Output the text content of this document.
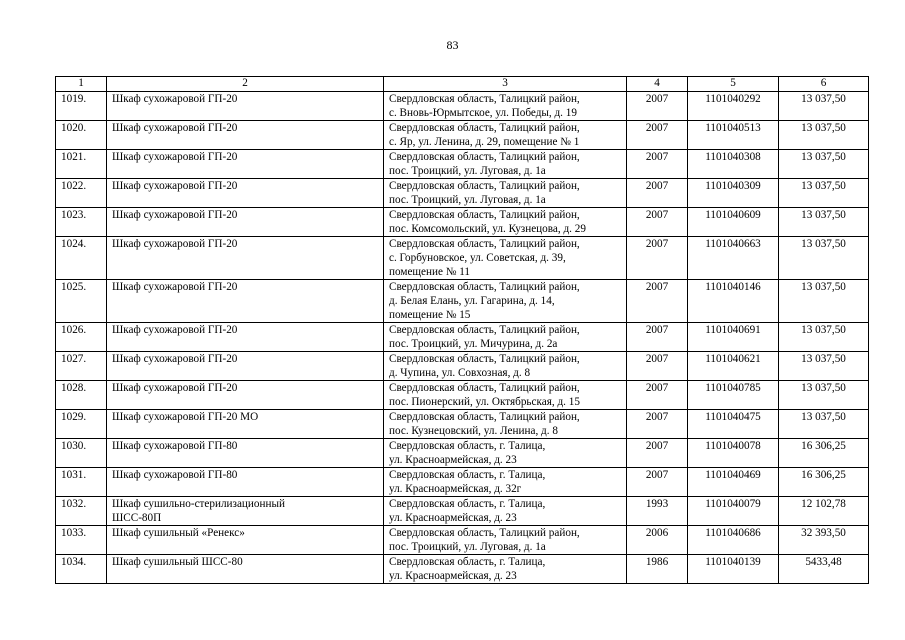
83
1	2	3	4	5	6
1019.	Шкаф сухожаровой ГП-20	Свердловская область, Талицкий район,
с. Вновь-Юрмытское, ул. Победы, д. 19	2007	1101040292	13 037,50
1020.	Шкаф сухожаровой ГП-20	Свердловская область, Талицкий район,
с. Яр, ул. Ленина, д. 29, помещение № 1	2007	1101040513	13 037,50
1021.	Шкаф сухожаровой ГП-20	Свердловская область, Талицкий район,
пос. Троицкий, ул. Луговая, д. 1а	2007	1101040308	13 037,50
1022.	Шкаф сухожаровой ГП-20	Свердловская область, Талицкий район,
пос. Троицкий, ул. Луговая, д. 1а	2007	1101040309	13 037,50
1023.	Шкаф сухожаровой ГП-20	Свердловская область, Талицкий район,
пос. Комсомольский, ул. Кузнецова, д. 29	2007	1101040609	13 037,50
1024.	Шкаф сухожаровой ГП-20	Свердловская область, Талицкий район,
с. Горбуновское, ул. Советская, д. 39,
помещение № 11	2007	1101040663	13 037,50
1025.	Шкаф сухожаровой ГП-20	Свердловская область, Талицкий район,
д. Белая Елань, ул. Гагарина, д. 14,
помещение № 15	2007	1101040146	13 037,50
1026.	Шкаф сухожаровой ГП-20	Свердловская область, Талицкий район,
пос. Троицкий, ул. Мичурина, д. 2а	2007	1101040691	13 037,50
1027.	Шкаф сухожаровой ГП-20	Свердловская область, Талицкий район,
д. Чупина, ул. Совхозная, д. 8	2007	1101040621	13 037,50
1028.	Шкаф сухожаровой ГП-20	Свердловская область, Талицкий район,
пос. Пионерский, ул. Октябрьская, д. 15	2007	1101040785	13 037,50
1029.	Шкаф сухожаровой ГП-20 МО	Свердловская область, Талицкий район,
пос. Кузнецовский, ул. Ленина, д. 8	2007	1101040475	13 037,50
1030.	Шкаф сухожаровой ГП-80	Свердловская область, г. Талица,
ул. Красноармейская, д. 23	2007	1101040078	16 306,25
1031.	Шкаф сухожаровой ГП-80	Свердловская область, г. Талица,
ул. Красноармейская, д. 32г	2007	1101040469	16 306,25
1032.	Шкаф сушильно-стерилизационный
ШСС-80П	Свердловская область, г. Талица,
ул. Красноармейская, д. 23	1993	1101040079	12 102,78
1033.	Шкаф сушильный «Ренекс»	Свердловская область, Талицкий район,
пос. Троицкий, ул. Луговая, д. 1а	2006	1101040686	32 393,50
1034.	Шкаф сушильный ШСС-80	Свердловская область, г. Талица,
ул. Красноармейская, д. 23	1986	1101040139	5433,48
